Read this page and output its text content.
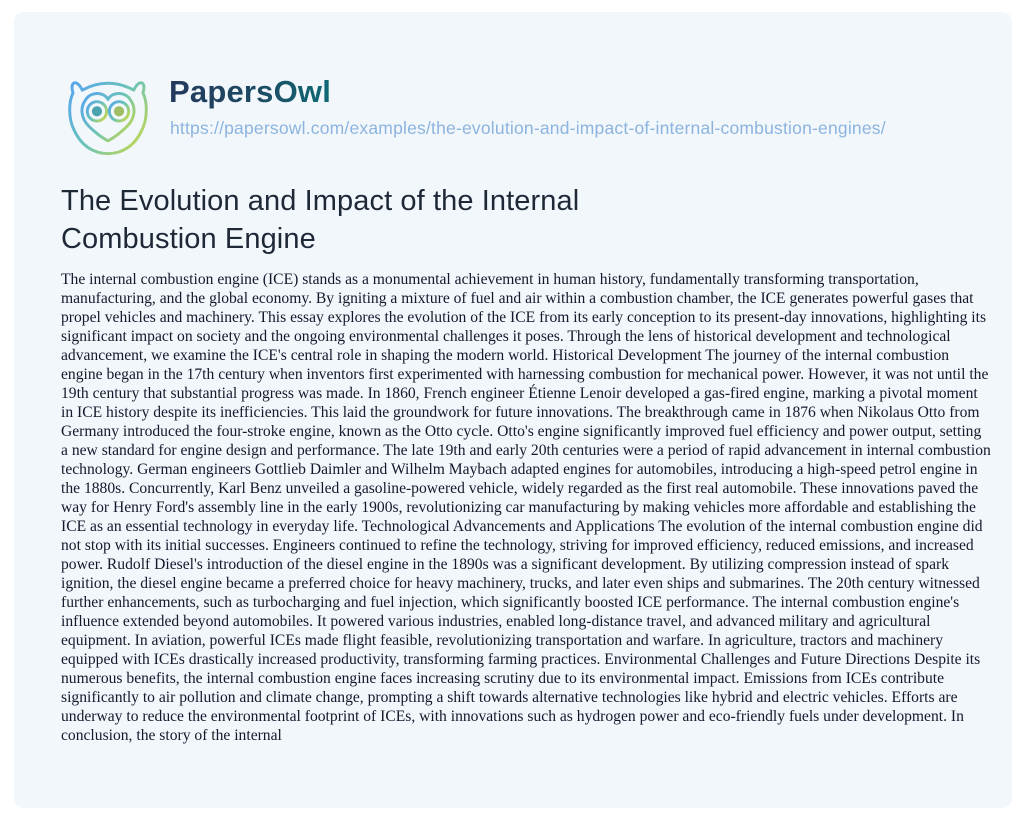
PapersOwl
https://papersowl.com/examples/the-evolution-and-impact-of-internal-combustion-engines/
The Evolution and Impact of the Internal
Combustion Engine

The internal combustion engine (ICE) stands as a monumental achievement in human history, fundamentally transforming transportation, manufacturing, and the global economy. By igniting a mixture of fuel and air within a combustion chamber, the ICE generates powerful gases that propel vehicles and machinery. This essay explores the evolution of the ICE from its early conception to its present-day innovations, highlighting its significant impact on society and the ongoing environmental challenges it poses. Through the lens of historical development and technological advancement, we examine the ICE's central role in shaping the modern world. Historical Development The journey of the internal combustion engine began in the 17th century when inventors first experimented with harnessing combustion for mechanical power. However, it was not until the 19th century that substantial progress was made. In 1860, French engineer Étienne Lenoir developed a gas-fired engine, marking a pivotal moment in ICE history despite its inefficiencies. This laid the groundwork for future innovations. The breakthrough came in 1876 when Nikolaus Otto from Germany introduced the four-stroke engine, known as the Otto cycle. Otto's engine significantly improved fuel efficiency and power output, setting a new standard for engine design and performance. The late 19th and early 20th centuries were a period of rapid advancement in internal combustion technology. German engineers Gottlieb Daimler and Wilhelm Maybach adapted engines for automobiles, introducing a high-speed petrol engine in the 1880s. Concurrently, Karl Benz unveiled a gasoline-powered vehicle, widely regarded as the first real automobile. These innovations paved the way for Henry Ford's assembly line in the early 1900s, revolutionizing car manufacturing by making vehicles more affordable and establishing the ICE as an essential technology in everyday life. Technological Advancements and Applications The evolution of the internal combustion engine did not stop with its initial successes. Engineers continued to refine the technology, striving for improved efficiency, reduced emissions, and increased power. Rudolf Diesel's introduction of the diesel engine in the 1890s was a significant development. By utilizing compression instead of spark ignition, the diesel engine became a preferred choice for heavy machinery, trucks, and later even ships and submarines. The 20th century witnessed further enhancements, such as turbocharging and fuel injection, which significantly boosted ICE performance. The internal combustion engine's influence extended beyond automobiles. It powered various industries, enabled long-distance travel, and advanced military and agricultural equipment. In aviation, powerful ICEs made flight feasible, revolutionizing transportation and warfare. In agriculture, tractors and machinery equipped with ICEs drastically increased productivity, transforming farming practices. Environmental Challenges and Future Directions Despite its numerous benefits, the internal combustion engine faces increasing scrutiny due to its environmental impact. Emissions from ICEs contribute significantly to air pollution and climate change, prompting a shift towards alternative technologies like hybrid and electric vehicles. Efforts are underway to reduce the environmental footprint of ICEs, with innovations such as hydrogen power and eco-friendly fuels under development. In conclusion, the story of the internal
